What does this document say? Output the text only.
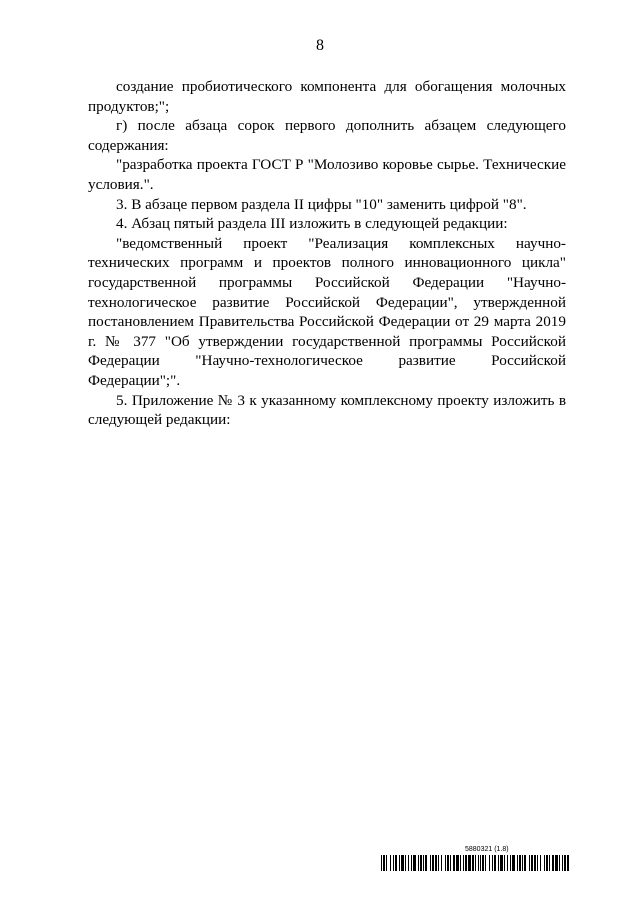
8

создание пробиотического компонента для обогащения молочных продуктов;";

г) после абзаца сорок первого дополнить абзацем следующего содержания:

"разработка проекта ГОСТ Р "Молозиво коровье сырье. Технические условия.".

3. В абзаце первом раздела II цифры "10" заменить цифрой "8".

4. Абзац пятый раздела III изложить в следующей редакции:

"ведомственный проект "Реализация комплексных научно-технических программ и проектов полного инновационного цикла" государственной программы Российской Федерации "Научно-технологическое развитие Российской Федерации", утвержденной постановлением Правительства Российской Федерации от 29 марта 2019 г. № 377 "Об утверждении государственной программы Российской Федерации "Научно-технологическое развитие Российской Федерации";".

5. Приложение № 3 к указанному комплексному проекту изложить в следующей редакции:

5880321 (1.8)
